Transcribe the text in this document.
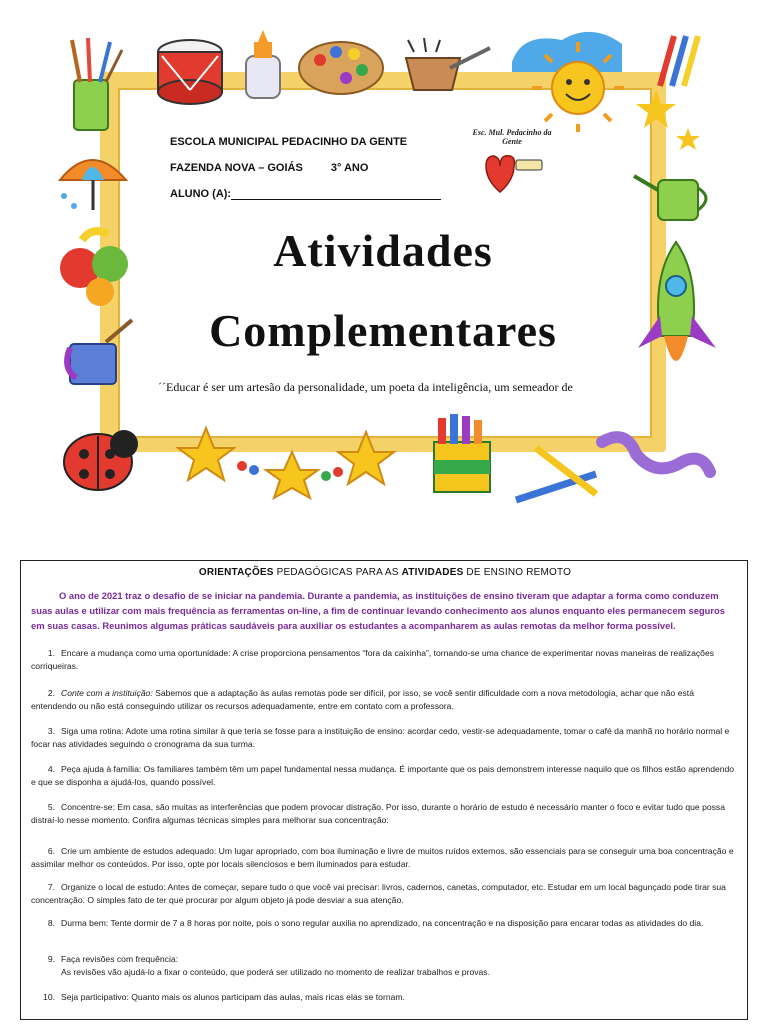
Esc. Mul. Pedacinho da Gente
ESCOLA MUNICIPAL PEDACINHO DA GENTE
FAZENDA NOVA – GOIÁS	3° ANO
ALUNO (A):
Atividades
Complementares
´´Educar é ser um artesão da personalidade, um poeta da inteligência, um semeador de
ORIENTAÇÕES PEDAGÓGICAS PARA AS ATIVIDADES DE ENSINO REMOTO
O ano de 2021 traz o desafio de se iniciar na pandemia. Durante a pandemia, as instituições de ensino tiveram que adaptar a forma como conduzem suas aulas e utilizar com mais frequência as ferramentas on-line, a fim de continuar levando conhecimento aos alunos enquanto eles permanecem seguros em suas casas. Reunimos algumas práticas saudáveis para auxiliar os estudantes a acompanharem as aulas remotas da melhor forma possível.
1. Encare a mudança como uma oportunidade: A crise proporciona pensamentos “fora da caixinha”, tornando-se uma chance de experimentar novas maneiras de realizações corriqueiras.
2. Conte com a instituição: Sabemos que a adaptação às aulas remotas pode ser difícil, por isso, se você sentir dificuldade com a nova metodologia, achar que não está entendendo ou não está conseguindo utilizar os recursos adequadamente, entre em contato com a professora.
3. Siga uma rotina: Adote uma rotina similar à que teria se fosse para a instituição de ensino: acordar cedo, vestir-se adequadamente, tomar o café da manhã no horário normal e focar nas atividades seguindo o cronograma da sua turma.
4. Peça ajuda à família: Os familiares também têm um papel fundamental nessa mudança. É importante que os pais demonstrem interesse naquilo que os filhos estão aprendendo e que se disponha a ajudá-los, quando possível.
5. Concentre-se: Em casa, são muitas as interferências que podem provocar distração. Por isso, durante o horário de estudo é necessário manter o foco e evitar tudo que possa distraí-lo nesse momento. Confira algumas técnicas simples para melhorar sua concentração:
6. Crie um ambiente de estudos adequado: Um lugar apropriado, com boa iluminação e livre de muitos ruídos externos, são essenciais para se conseguir uma boa concentração e assimilar melhor os conteúdos. Por isso, opte por locais silenciosos e bem iluminados para estudar.
7. Organize o local de estudo: Antes de começar, separe tudo o que você vai precisar: livros, cadernos, canetas, computador, etc. Estudar em um local bagunçado pode tirar sua concentração. O simples fato de ter que procurar por algum objeto já pode desviar a sua atenção.
8. Durma bem: Tente dormir de 7 a 8 horas por noite, pois o sono regular auxilia no aprendizado, na concentração e na disposição para encarar todas as atividades do dia.
9. Faça revisões com frequência:
As revisões vão ajudá-lo a fixar o conteúdo, que poderá ser utilizado no momento de realizar trabalhos e provas.
10. Seja participativo: Quanto mais os alunos participam das aulas, mais ricas elas se tornam.
